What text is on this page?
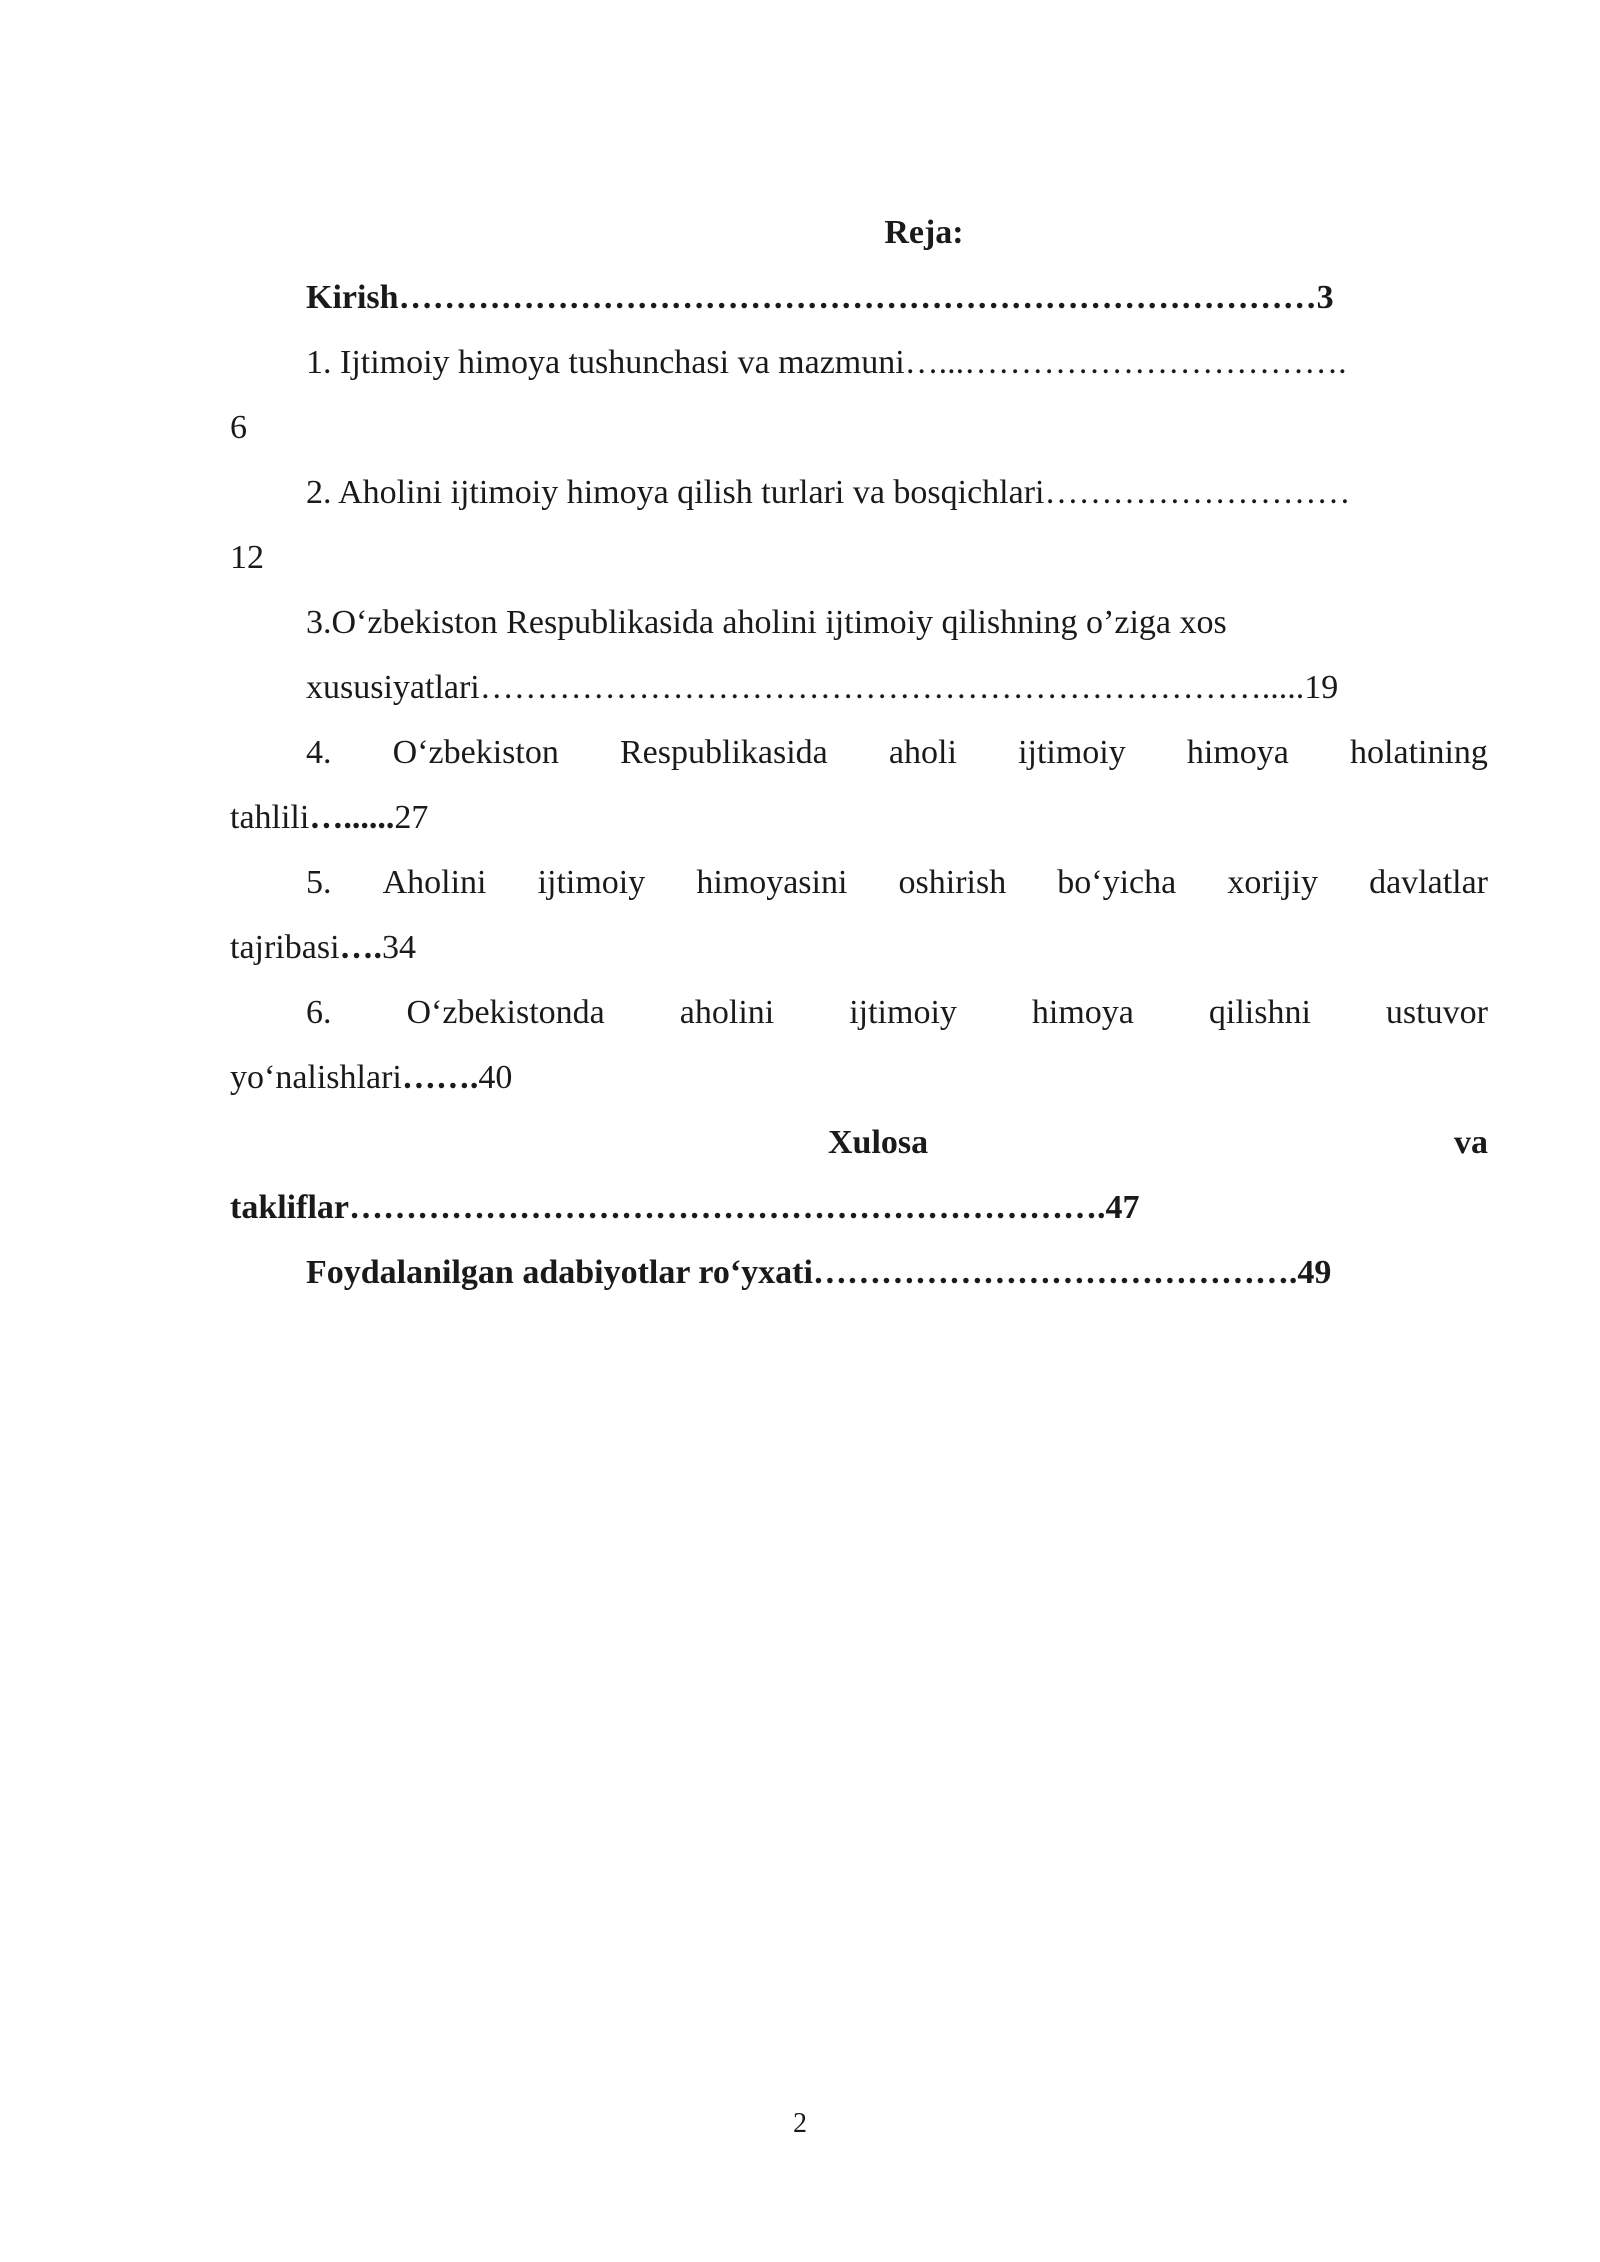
Reja:

Kirish………………………………………………………………………3

1. Ijtimoiy himoya tushunchasi va mazmuni…...…………………………….

6

2. Aholini ijtimoiy himoya qilish turlari va bosqichlari………………………

12

3.O‘zbekiston Respublikasida aholini ijtimoiy qilishning o’ziga xos

xususiyatlari…………………………………………………………….....19

4. O‘zbekiston Respublikasida aholi ijtimoiy himoya holatining

tahlili…......27

5. Aholini ijtimoiy himoyasini oshirish bo‘yicha xorijiy davlatlar

tajribasi….34

6. O‘zbekistonda aholini ijtimoiy himoya qilishni ustuvor

yo‘nalishlari…….40

Xulosa	va

takliflar………………………………………………………….47

Foydalanilgan adabiyotlar ro‘yxati…………………………………….49

2
